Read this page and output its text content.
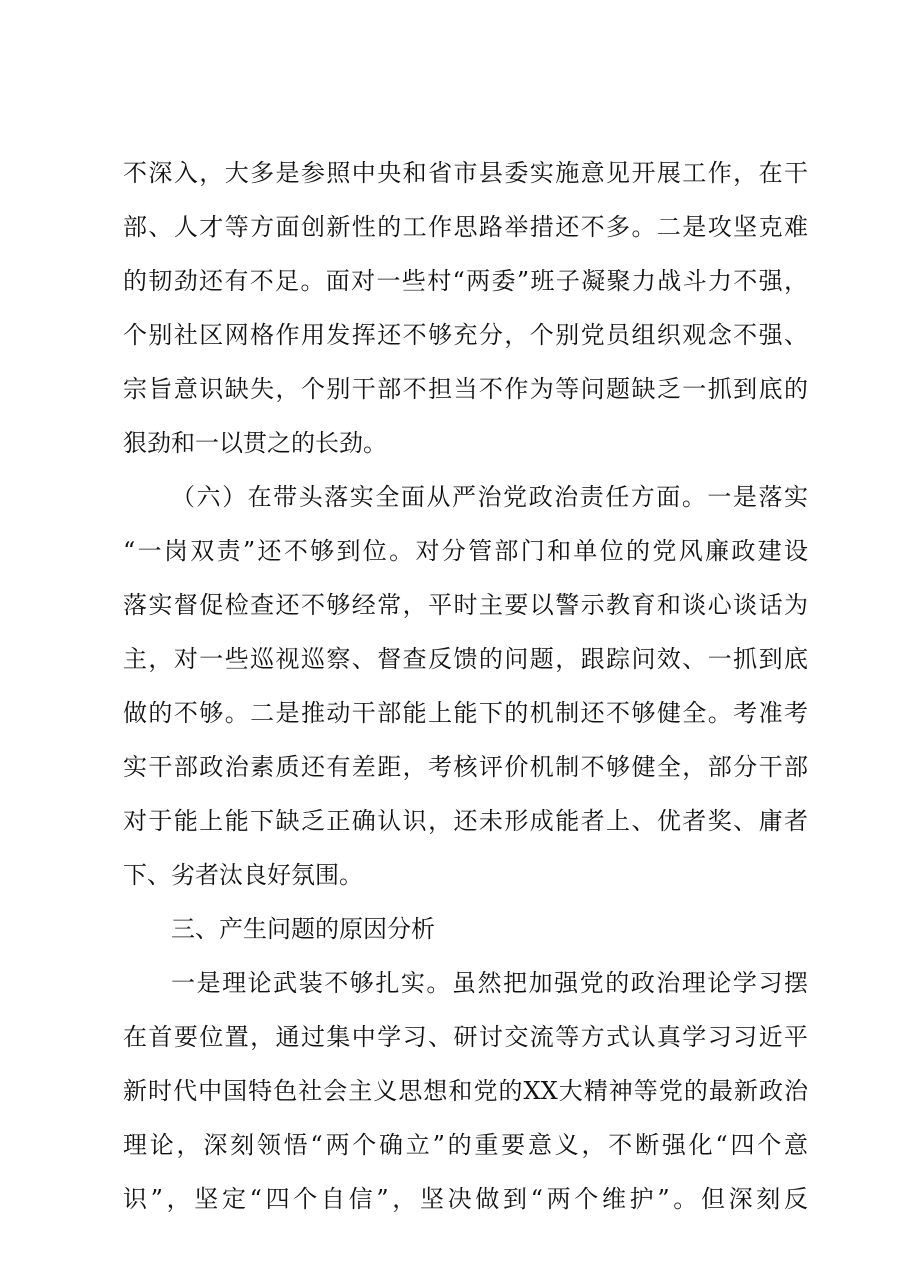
不深入，大多是参照中央和省市县委实施意见开展工作，在干
部、人才等方面创新性的工作思路举措还不多。二是攻坚克难
的韧劲还有不足。面对一些村“两委”班子凝聚力战斗力不强，
个别社区网格作用发挥还不够充分，个别党员组织观念不强、
宗旨意识缺失，个别干部不担当不作为等问题缺乏一抓到底的
狠劲和一以贯之的长劲。
（六）在带头落实全面从严治党政治责任方面。一是落实
“一岗双责”还不够到位。对分管部门和单位的党风廉政建设
落实督促检查还不够经常，平时主要以警示教育和谈心谈话为
主，对一些巡视巡察、督查反馈的问题，跟踪问效、一抓到底
做的不够。二是推动干部能上能下的机制还不够健全。考准考
实干部政治素质还有差距，考核评价机制不够健全，部分干部
对于能上能下缺乏正确认识，还未形成能者上、优者奖、庸者
下、劣者汰良好氛围。
三、产生问题的原因分析
一是理论武装不够扎实。虽然把加强党的政治理论学习摆
在首要位置，通过集中学习、研讨交流等方式认真学习习近平
新时代中国特色社会主义思想和党的XX大精神等党的最新政治
理论，深刻领悟“两个确立”的重要意义，不断强化“四个意
识”，坚定“四个自信”，坚决做到“两个维护”。但深刻反
